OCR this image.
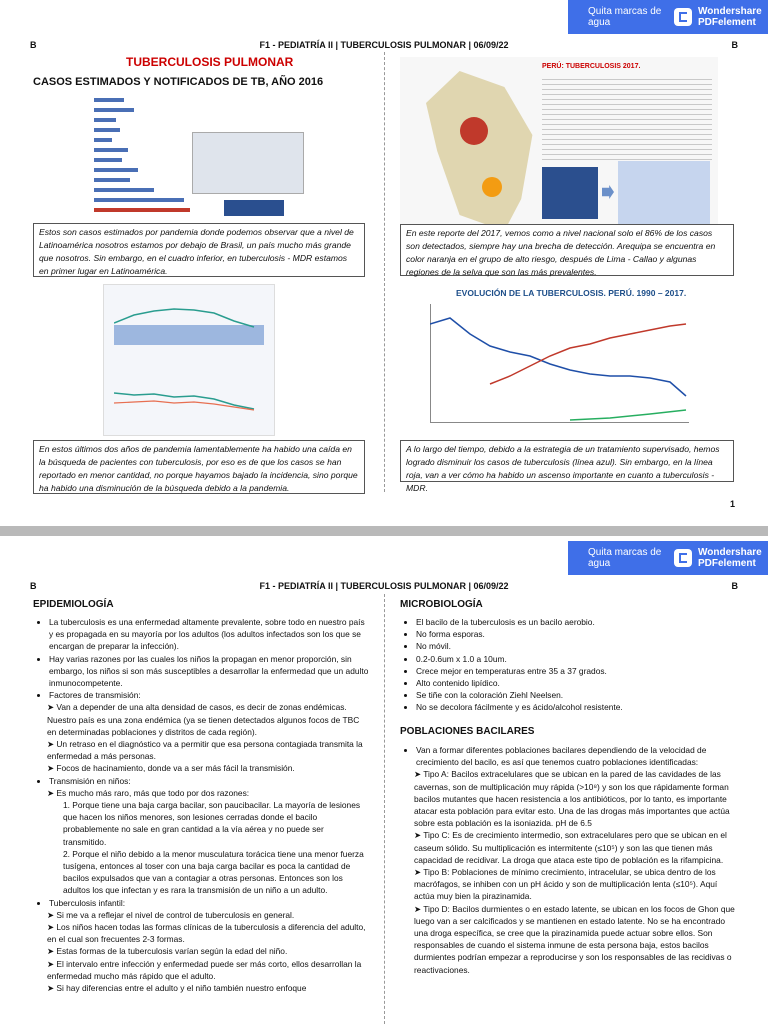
Quita marcas de agua
Wondershare
PDFelement
B	F1 - PEDIATRÍA II | TUBERCULOSIS PULMONAR | 06/09/22	B
TUBERCULOSIS PULMONAR
CASOS ESTIMADOS Y NOTIFICADOS DE TB, AÑO 2016
Estos son casos estimados por pandemia donde podemos observar que a nivel de Latinoamérica nosotros estamos por debajo de Brasil, un país mucho más grande que nosotros. Sin embargo, en el cuadro inferior, en tuberculosis - MDR estamos en primer lugar en Latinoamérica.
PERÚ: TUBERCULOSIS 2017.
En este reporte del 2017, vemos como a nivel nacional solo el 86% de los casos son detectados, siempre hay una brecha de detección. Arequipa se encuentra en color naranja en el grupo de alto riesgo, después de Lima - Callao y algunas regiones de la selva que son las más prevalentes.
EVOLUCIÓN DE LA TUBERCULOSIS. PERÚ. 1990 – 2017.
En estos últimos dos años de pandemia lamentablemente ha habido una caída en la búsqueda de pacientes con tuberculosis, por eso es de que los casos se han reportado en menor cantidad, no porque hayamos bajado la incidencia, sino porque ha habido una disminución de la búsqueda debido a la pandemia.
A lo largo del tiempo, debido a la estrategia de un tratamiento supervisado, hemos logrado disminuir los casos de tuberculosis (línea azul). Sin embargo, en la línea roja, van a ver cómo ha habido un ascenso importante en cuanto a tuberculosis - MDR.
1
Quita marcas de agua
Wondershare
PDFelement
B	F1 - PEDIATRÍA II | TUBERCULOSIS PULMONAR | 06/09/22	B
EPIDEMIOLOGÍA
• La tuberculosis es una enfermedad altamente prevalente, sobre todo en nuestro país y es propagada en su mayoría por los adultos (los adultos infectados son los que se encargan de preparar la infección).
• Hay varias razones por las cuales los niños la propagan en menor proporción, sin embargo, los niños si son más susceptibles a desarrollar la enfermedad que un adulto inmunocompetente.
• Factores de transmisión:
➤ Van a depender de una alta densidad de casos, es decir de zonas endémicas. Nuestro país es una zona endémica (ya se tienen detectados algunos focos de TBC en determinadas poblaciones y distritos de cada región).
➤ Un retraso en el diagnóstico va a permitir que esa persona contagiada transmita la enfermedad a más personas.
➤ Focos de hacinamiento, donde va a ser más fácil la transmisión.
• Transmisión en niños:
➤ Es mucho más raro, más que todo por dos razones:
1. Porque tiene una baja carga bacilar, son paucibacilar. La mayoría de lesiones que hacen los niños menores, son lesiones cerradas donde el bacilo probablemente no sale en gran cantidad a la vía aérea y no puede ser transmitido.
2. Porque el niño debido a la menor musculatura torácica tiene una menor fuerza tusígena, entonces al toser con una baja carga bacilar es poca la cantidad de bacilos expulsados que van a contagiar a otras personas. Entonces son los adultos los que infectan y es rara la transmisión de un niño a un adulto.
• Tuberculosis infantil:
➤ Si me va a reflejar el nivel de control de tuberculosis en general.
➤ Los niños hacen todas las formas clínicas de la tuberculosis a diferencia del adulto, en el cual son frecuentes 2-3 formas.
➤ Estas formas de la tuberculosis varían según la edad del niño.
➤ El intervalo entre infección y enfermedad puede ser más corto, ellos desarrollan la enfermedad mucho más rápido que el adulto.
➤ Si hay diferencias entre el adulto y el niño también nuestro enfoque
MICROBIOLOGÍA
• El bacilo de la tuberculosis es un bacilo aerobio.
• No forma esporas.
• No móvil.
• 0.2-0.6um x 1.0 a 10um.
• Crece mejor en temperaturas entre 35 a 37 grados.
• Alto contenido lipídico.
• Se tiñe con la coloración Ziehl Neelsen.
• No se decolora fácilmente y es ácido/alcohol resistente.
POBLACIONES BACILARES
• Van a formar diferentes poblaciones bacilares dependiendo de la velocidad de crecimiento del bacilo, es así que tenemos cuatro poblaciones identificadas:
➤ Tipo A: Bacilos extracelulares que se ubican en la pared de las cavidades de las cavernas, son de multiplicación muy rápida (>10⁸) y son los que rápidamente forman bacilos mutantes que hacen resistencia a los antibióticos, por lo tanto, es importante atacar esta población para evitar esto. Una de las drogas más importantes que actúa sobre esta población es la isoniazida. pH de 6.5
➤ Tipo C: Es de crecimiento intermedio, son extracelulares pero que se ubican en el caseum sólido. Su multiplicación es intermitente (≤10⁵) y son las que tienen más capacidad de recidivar. La droga que ataca este tipo de población es la rifampicina.
➤ Tipo B: Poblaciones de mínimo crecimiento, intracelular, se ubica dentro de los macrófagos, se inhiben con un pH ácido y son de multiplicación lenta (≤10⁵). Aquí actúa muy bien la pirazinamida.
➤ Tipo D: Bacilos durmientes o en estado latente, se ubican en los focos de Ghon que luego van a ser calcificados y se mantienen en estado latente. No se ha encontrado una droga específica, se cree que la pirazinamida puede actuar sobre ellos. Son responsables de cuando el sistema inmune de esta persona baja, estos bacilos durmientes podrían empezar a reproducirse y son los responsables de las recidivas o reactivaciones.
